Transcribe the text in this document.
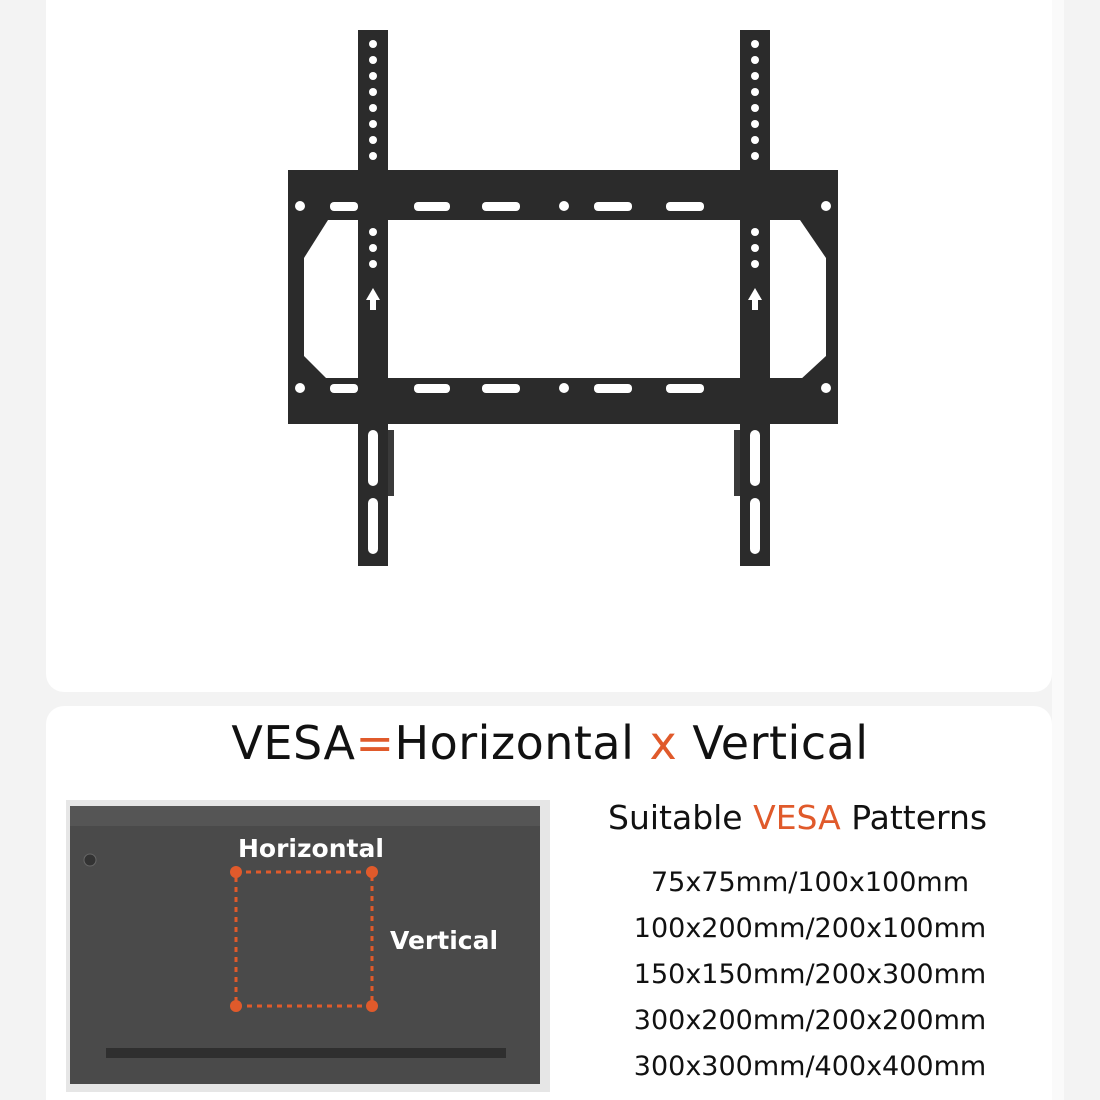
VESA=Horizontal x Vertical
Horizontal
Vertical
Suitable VESA Patterns
75x75mm/100x100mm
100x200mm/200x100mm
150x150mm/200x300mm
300x200mm/200x200mm
300x300mm/400x400mm
